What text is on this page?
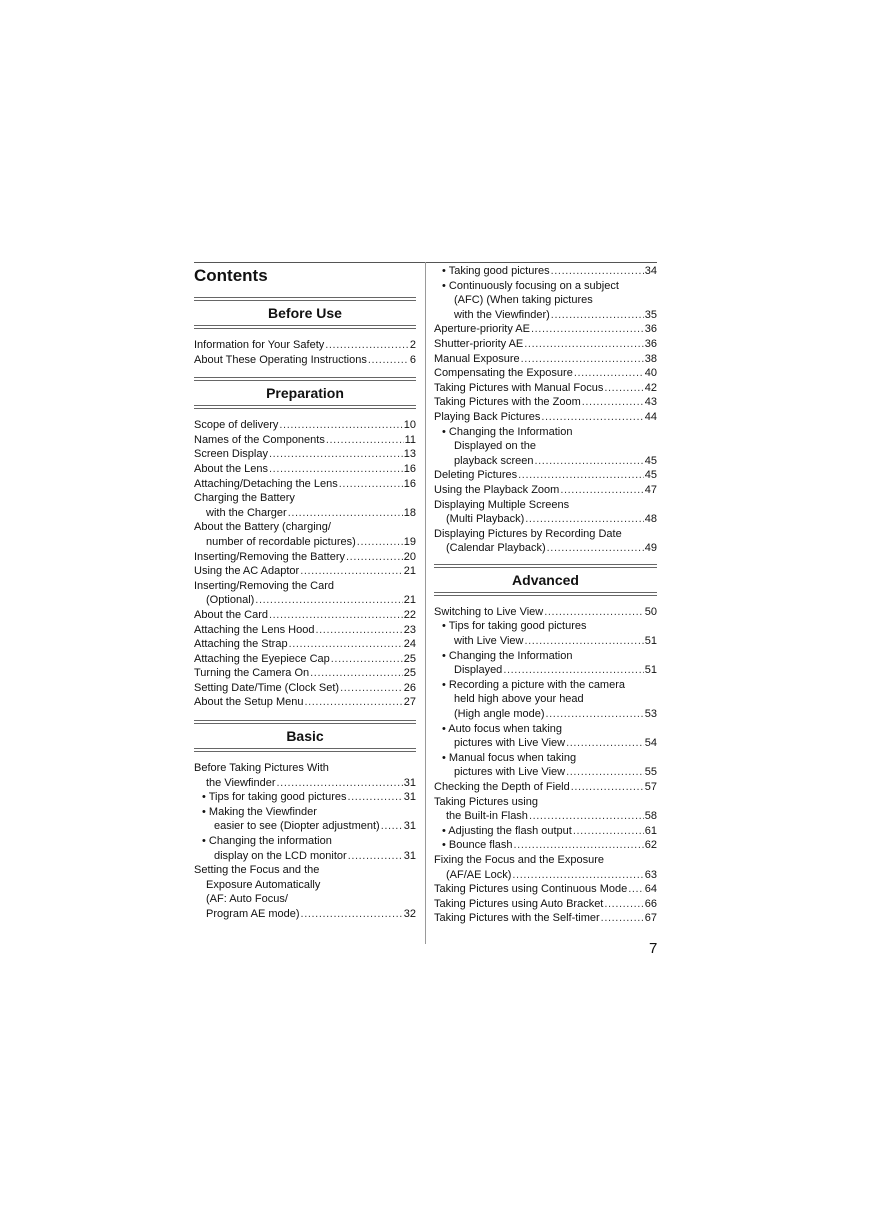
Contents
Before Use
Information for Your Safety .....	2
About These Operating Instructions .....	6
Preparation
Scope of delivery .....	10
Names of the Components .....	11
Screen Display .....	13
About the Lens .....	16
Attaching/Detaching the Lens .....	16
Charging the Battery
with the Charger .....	18
About the Battery (charging/
number of recordable pictures) .....	19
Inserting/Removing the Battery .....	20
Using the AC Adaptor .....	21
Inserting/Removing the Card
(Optional) .....	21
About the Card .....	22
Attaching the Lens Hood .....	23
Attaching the Strap .....	24
Attaching the Eyepiece Cap .....	25
Turning the Camera On .....	25
Setting Date/Time (Clock Set) .....	26
About the Setup Menu .....	27
Basic
Before Taking Pictures With
the Viewfinder .....	31
• Tips for taking good pictures .....	31
• Making the Viewfinder
easier to see (Diopter adjustment) ..... 31
• Changing the information
display on the LCD monitor .....	31
Setting the Focus and the
Exposure Automatically
(AF: Auto Focus/
Program AE mode) .....	32
• Taking good pictures .....	34
• Continuously focusing on a subject
(AFC) (When taking pictures
with the Viewfinder) .....	35
Aperture-priority AE .....	36
Shutter-priority AE .....	36
Manual Exposure .....	38
Compensating the Exposure .....	40
Taking Pictures with Manual Focus .....	42
Taking Pictures with the Zoom .....	43
Playing Back Pictures .....	44
• Changing the Information
Displayed on the
playback screen .....	45
Deleting Pictures .....	45
Using the Playback Zoom .....	47
Displaying Multiple Screens
(Multi Playback) .....	48
Displaying Pictures by Recording Date
(Calendar Playback) .....	49
Advanced
Switching to Live View .....	50
• Tips for taking good pictures
with Live View .....	51
• Changing the Information
Displayed .....	51
• Recording a picture with the camera
held high above your head
(High angle mode) .....	53
• Auto focus when taking
pictures with Live View .....	54
• Manual focus when taking
pictures with Live View .....	55
Checking the Depth of Field .....	57
Taking Pictures using
the Built-in Flash .....	58
• Adjusting the flash output .....	61
• Bounce flash .....	62
Fixing the Focus and the Exposure
(AF/AE Lock) .....	63
Taking Pictures using Continuous Mode ..... 64
Taking Pictures using Auto Bracket .....	66
Taking Pictures with the Self-timer .....	67
7
